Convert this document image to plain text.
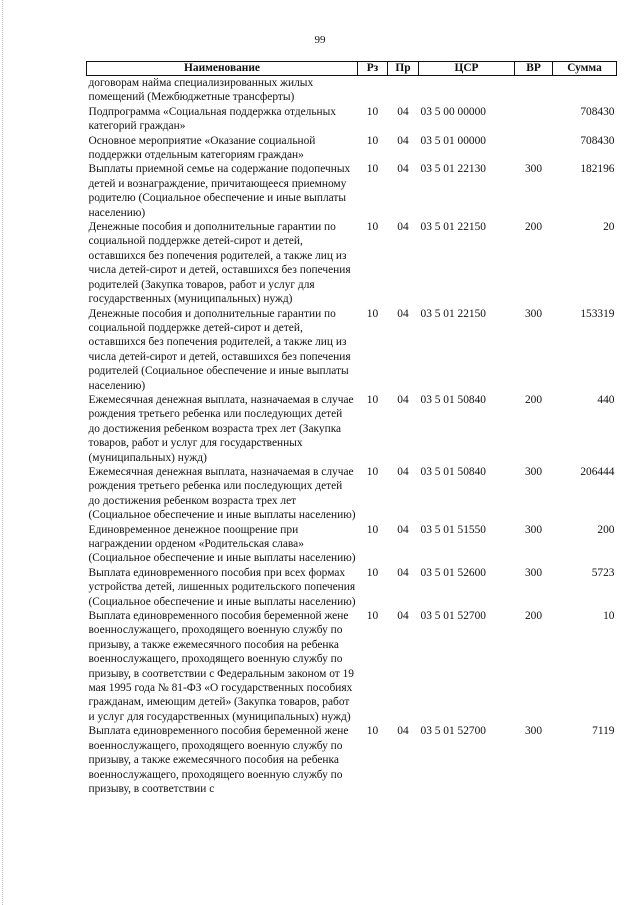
99
Наименование	Рз	Пр	ЦСР	ВР	Сумма
договорам найма специализированных жилых помещений (Межбюджетные трансферты)					
Подпрограмма «Социальная поддержка отдельных категорий граждан»	10	04	03 5 00 00000		708430
Основное мероприятие «Оказание социальной поддержки отдельным категориям граждан»	10	04	03 5 01 00000		708430
Выплаты приемной семье на содержание подопечных детей и вознаграждение, причитающееся приемному родителю (Социальное обеспечение и иные выплаты населению)	10	04	03 5 01 22130	300	182196
Денежные пособия и дополнительные гарантии по социальной поддержке детей-сирот и детей, оставшихся без попечения родителей, а также лиц из числа детей-сирот и детей, оставшихся без попечения родителей (Закупка товаров, работ и услуг для государственных (муниципальных) нужд)	10	04	03 5 01 22150	200	20
Денежные пособия и дополнительные гарантии по социальной поддержке детей-сирот и детей, оставшихся без попечения родителей, а также лиц из числа детей-сирот и детей, оставшихся без попечения родителей (Социальное обеспечение и иные выплаты населению)	10	04	03 5 01 22150	300	153319
Ежемесячная денежная выплата, назначаемая в случае рождения третьего ребенка или последующих детей до достижения ребенком возраста трех лет (Закупка товаров, работ и услуг для государственных (муниципальных) нужд)	10	04	03 5 01 50840	200	440
Ежемесячная денежная выплата, назначаемая в случае рождения третьего ребенка или последующих детей до достижения ребенком возраста трех лет (Социальное обеспечение и иные выплаты населению)	10	04	03 5 01 50840	300	206444
Единовременное денежное поощрение при награждении орденом «Родительская слава» (Социальное обеспечение и иные выплаты населению)	10	04	03 5 01 51550	300	200
Выплата единовременного пособия при всех формах устройства детей, лишенных родительского попечения (Социальное обеспечение и иные выплаты населению)	10	04	03 5 01 52600	300	5723
Выплата единовременного пособия беременной жене военнослужащего, проходящего военную службу по призыву, а также ежемесячного пособия на ребенка военнослужащего, проходящего военную службу по призыву, в соответствии с Федеральным законом от 19 мая 1995 года № 81-ФЗ «О государственных пособиях гражданам, имеющим детей» (Закупка товаров, работ и услуг для государственных (муниципальных) нужд)	10	04	03 5 01 52700	200	10
Выплата единовременного пособия беременной жене военнослужащего, проходящего военную службу по призыву, а также ежемесячного пособия на ребенка военнослужащего, проходящего военную службу по призыву, в соответствии с	10	04	03 5 01 52700	300	7119
